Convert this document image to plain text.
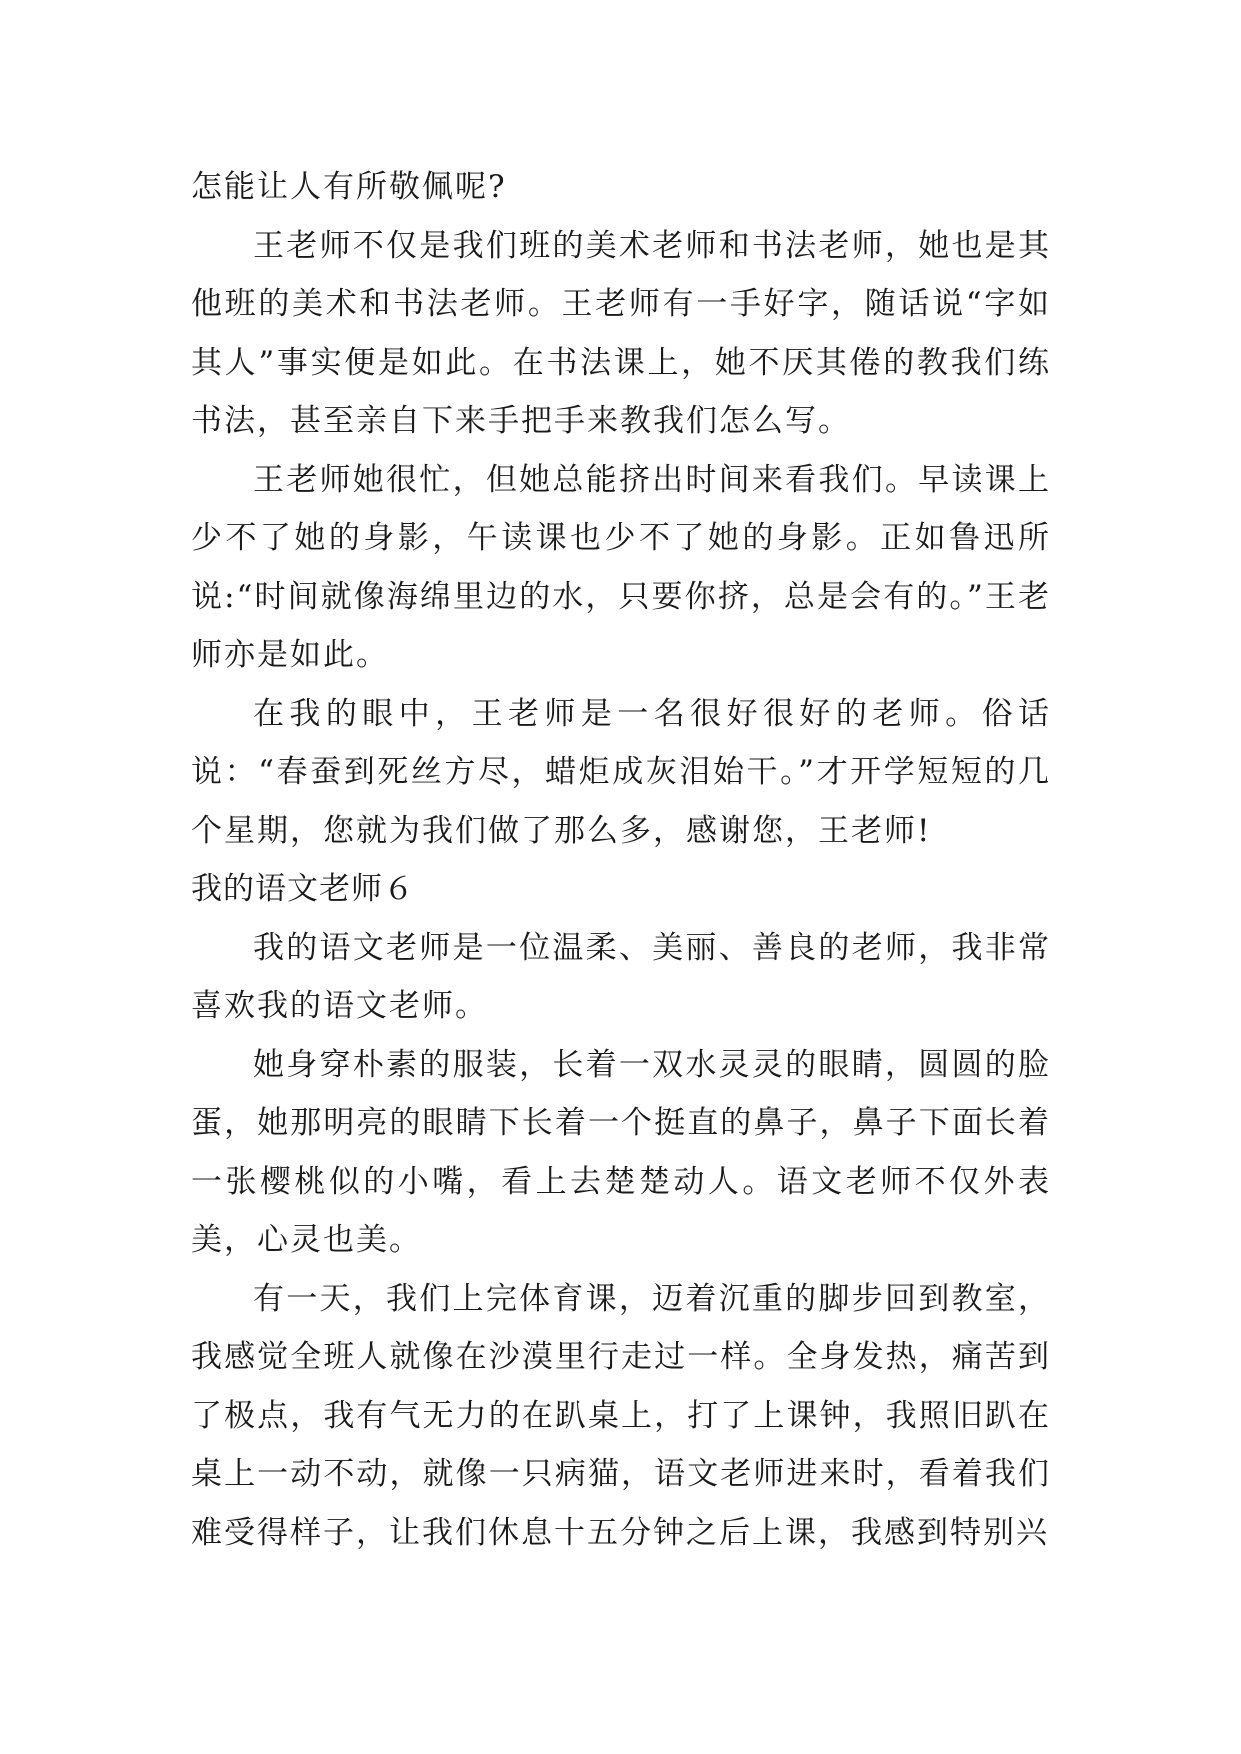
怎能让人有所敬佩呢?

王老师不仅是我们班的美术老师和书法老师，她也是其他班的美术和书法老师。王老师有一手好字，随话说“字如其人”事实便是如此。在书法课上，她不厌其倦的教我们练书法，甚至亲自下来手把手来教我们怎么写。

王老师她很忙，但她总能挤出时间来看我们。早读课上少不了她的身影，午读课也少不了她的身影。正如鲁迅所说:“时间就像海绵里边的水，只要你挤，总是会有的。”王老师亦是如此。

在我的眼中，王老师是一名很好很好的老师。俗话说：“春蚕到死丝方尽，蜡炬成灰泪始干。”才开学短短的几个星期，您就为我们做了那么多，感谢您，王老师!

我的语文老师６

我的语文老师是一位温柔、美丽、善良的老师，我非常喜欢我的语文老师。

她身穿朴素的服装，长着一双水灵灵的眼睛，圆圆的脸蛋，她那明亮的眼睛下长着一个挺直的鼻子，鼻子下面长着一张樱桃似的小嘴，看上去楚楚动人。语文老师不仅外表美，心灵也美。

有一天，我们上完体育课，迈着沉重的脚步回到教室，我感觉全班人就像在沙漠里行走过一样。全身发热，痛苦到了极点，我有气无力的在趴桌上，打了上课钟，我照旧趴在桌上一动不动，就像一只病猫，语文老师进来时，看着我们难受得样子，让我们休息十五分钟之后上课，我感到特别兴
